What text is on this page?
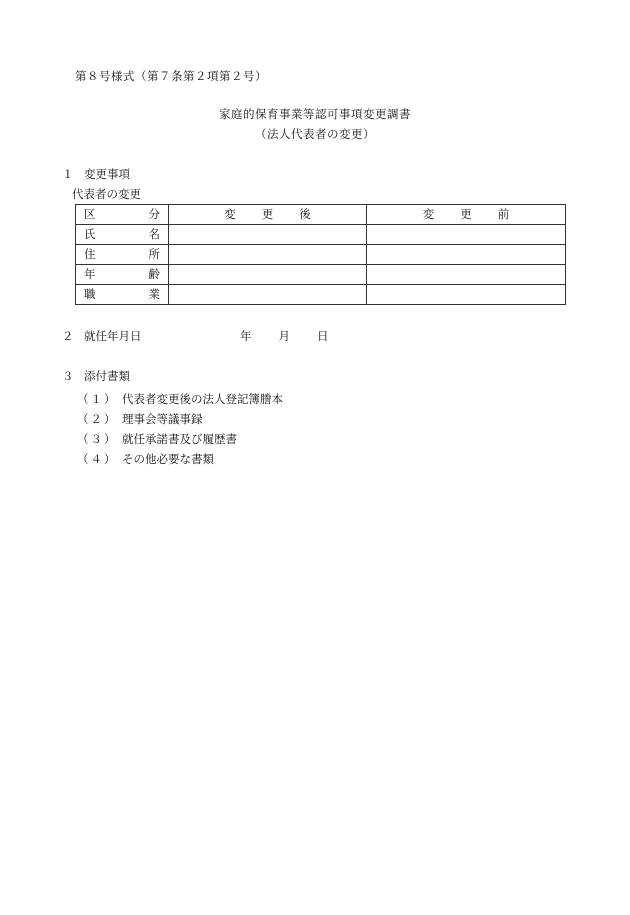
第８号様式（第７条第２項第２号）
家庭的保育事業等認可事項変更調書
（法人代表者の変更）
１ 変更事項
代表者の変更
区 分	変 更 後	変 更 前

氏 名		

住 所		

年 齢		

職 業		

２ 就任年月日	年 月 日
３ 添付書類
（１） 代表者変更後の法人登記簿謄本
（２） 理事会等議事録
（３） 就任承諾書及び履歴書
（４） その他必要な書類
